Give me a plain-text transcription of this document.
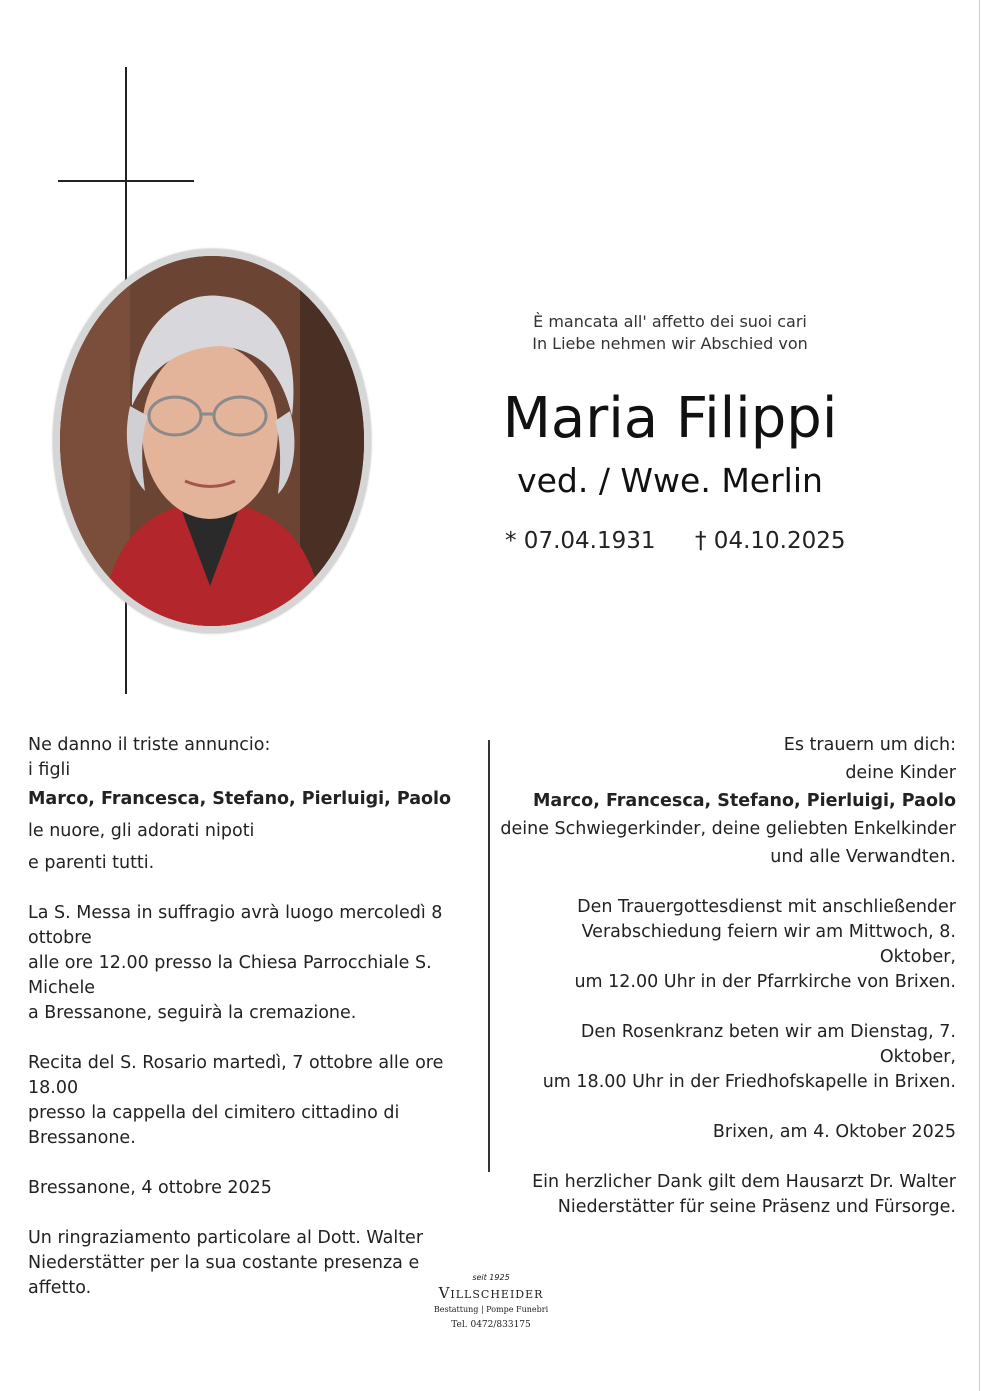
È mancata all' affetto dei suoi cari
In Liebe nehmen wir Abschied von
Maria Filippi
ved. / Wwe. Merlin
* 07.04.1931 † 04.10.2025

Ne danno il triste annuncio:

i figli

Marco, Francesca, Stefano, Pierluigi, Paolo

le nuore, gli adorati nipoti

e parenti tutti.

La S. Messa in suffragio avrà luogo mercoledì 8 ottobre

alle ore 12.00 presso la Chiesa Parrocchiale S. Michele

a Bressanone, seguirà la cremazione.

Recita del S. Rosario martedì, 7 ottobre alle ore 18.00

presso la cappella del cimitero cittadino di Bressanone.

Bressanone, 4 ottobre 2025

Un ringraziamento particolare al Dott. Walter

Niederstätter per la sua costante presenza e affetto.

Es trauern um dich:

deine Kinder

Marco, Francesca, Stefano, Pierluigi, Paolo

deine Schwiegerkinder, deine geliebten Enkelkinder

und alle Verwandten.

Den Trauergottesdienst mit anschließender

Verabschiedung feiern wir am Mittwoch, 8. Oktober,

um 12.00 Uhr in der Pfarrkirche von Brixen.

Den Rosenkranz beten wir am Dienstag, 7. Oktober,

um 18.00 Uhr in der Friedhofskapelle in Brixen.

Brixen, am 4. Oktober 2025

Ein herzlicher Dank gilt dem Hausarzt Dr. Walter

Niederstätter für seine Präsenz und Fürsorge.

seit 1925
Villscheider
Bestattung | Pompe Funebri
Tel. 0472/833175
